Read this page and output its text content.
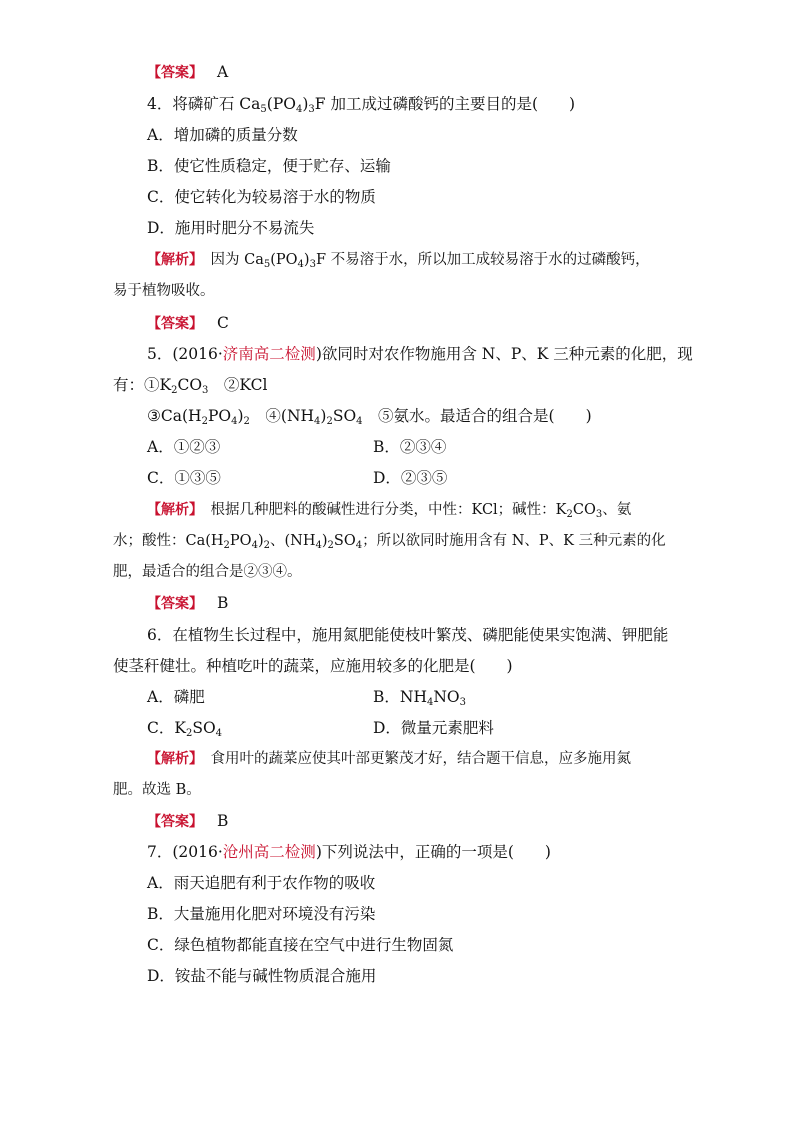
【答案】 A
4．将磷矿石 $Ca_5(PO_4)_3F$ 加工成过磷酸钙的主要目的是(　　)
A．增加磷的质量分数
B．使它性质稳定，便于贮存、运输
C．使它转化为较易溶于水的物质
D．施用时肥分不易流失
【解析】　因为 $Ca_5(PO_4)_3F$ 不易溶于水，所以加工成较易溶于水的过磷酸钙，
易于植物吸收。
【答案】 C
5．(2016·济南高二检测)欲同时对农作物施用含 N、P、K 三种元素的化肥，现
有：$①K_2CO_3$　②KCl
$③Ca(H_2PO_4)_2$　$④(NH_4)_2SO_4$　⑤氨水。最适合的组合是(　　)
A．①②③	B．②③④
C．①③⑤	D．②③⑤
【解析】　根据几种肥料的酸碱性进行分类，中性：KCl；碱性：$K_2CO_3$、氨
水；酸性：$Ca(H_2PO_4)_2$、$(NH_4)_2SO_4$；所以欲同时施用含有 N、P、K 三种元素的化
肥，最适合的组合是②③④。
【答案】 B
6．在植物生长过程中，施用氮肥能使枝叶繁茂、磷肥能使果实饱满、钾肥能
使茎秆健壮。种植吃叶的蔬菜，应施用较多的化肥是(　　)
A．磷肥	B．$NH_4NO_3$
C．$K_2SO_4$	D．微量元素肥料
【解析】　食用叶的蔬菜应使其叶部更繁茂才好，结合题干信息，应多施用氮
肥。故选 B。
【答案】 B
7．(2016·沧州高二检测)下列说法中，正确的一项是(　　)
A．雨天追肥有利于农作物的吸收
B．大量施用化肥对环境没有污染
C．绿色植物都能直接在空气中进行生物固氮
D．铵盐不能与碱性物质混合施用
